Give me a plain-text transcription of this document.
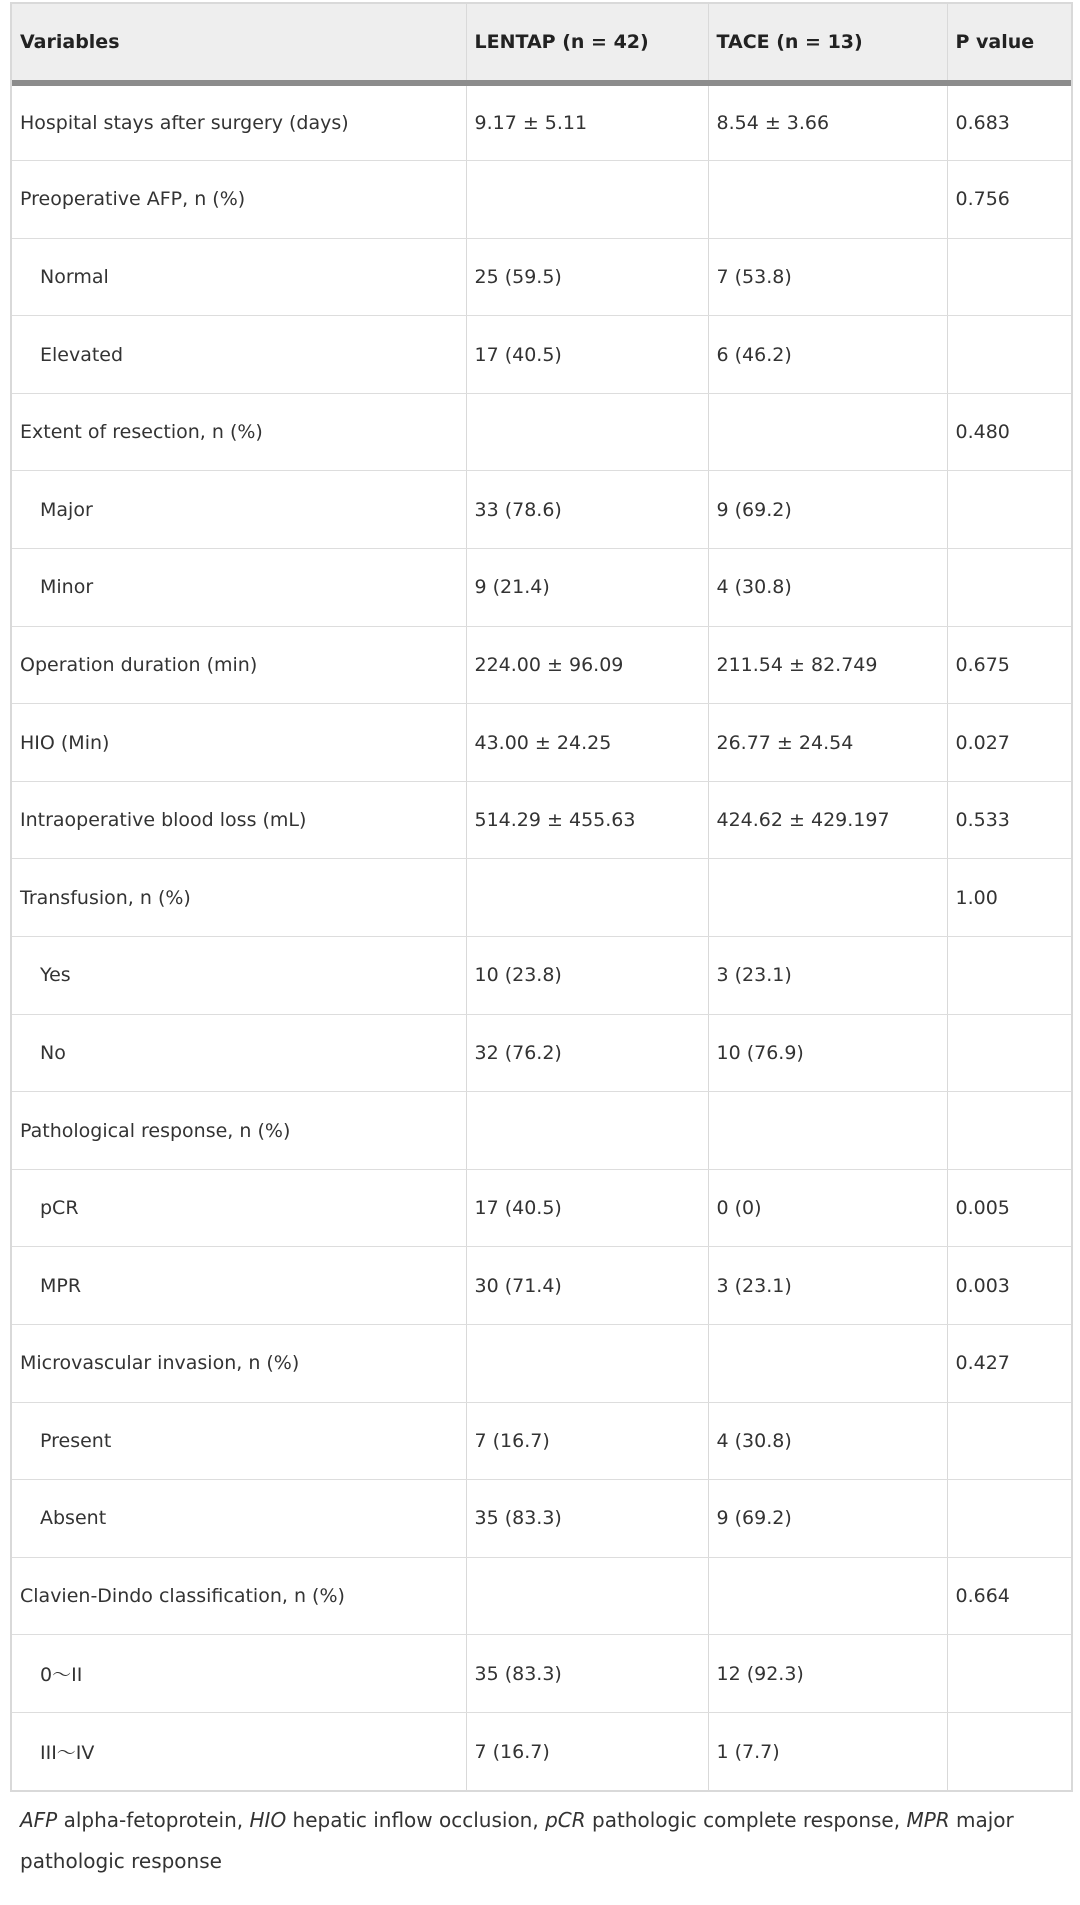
Variables	LENTAP (n = 42)	TACE (n = 13)	P value
Hospital stays after surgery (days)	9.17 ± 5.11	8.54 ± 3.66	0.683
Preoperative AFP, n (%)			0.756
Normal	25 (59.5)	7 (53.8)	
Elevated	17 (40.5)	6 (46.2)	
Extent of resection, n (%)			0.480
Major	33 (78.6)	9 (69.2)	
Minor	9 (21.4)	4 (30.8)	
Operation duration (min)	224.00 ± 96.09	211.54 ± 82.749	0.675
HIO (Min)	43.00 ± 24.25	26.77 ± 24.54	0.027
Intraoperative blood loss (mL)	514.29 ± 455.63	424.62 ± 429.197	0.533
Transfusion, n (%)			1.00
Yes	10 (23.8)	3 (23.1)	
No	32 (76.2)	10 (76.9)	
Pathological response, n (%)			
pCR	17 (40.5)	0 (0)	0.005
MPR	30 (71.4)	3 (23.1)	0.003
Microvascular invasion, n (%)			0.427
Present	7 (16.7)	4 (30.8)	
Absent	35 (83.3)	9 (69.2)	
Clavien-Dindo classification, n (%)			0.664
0～II	35 (83.3)	12 (92.3)	
III～IV	7 (16.7)	1 (7.7)	
AFP alpha-fetoprotein, HIO hepatic inflow occlusion, pCR pathologic complete response, MPR major pathologic response
